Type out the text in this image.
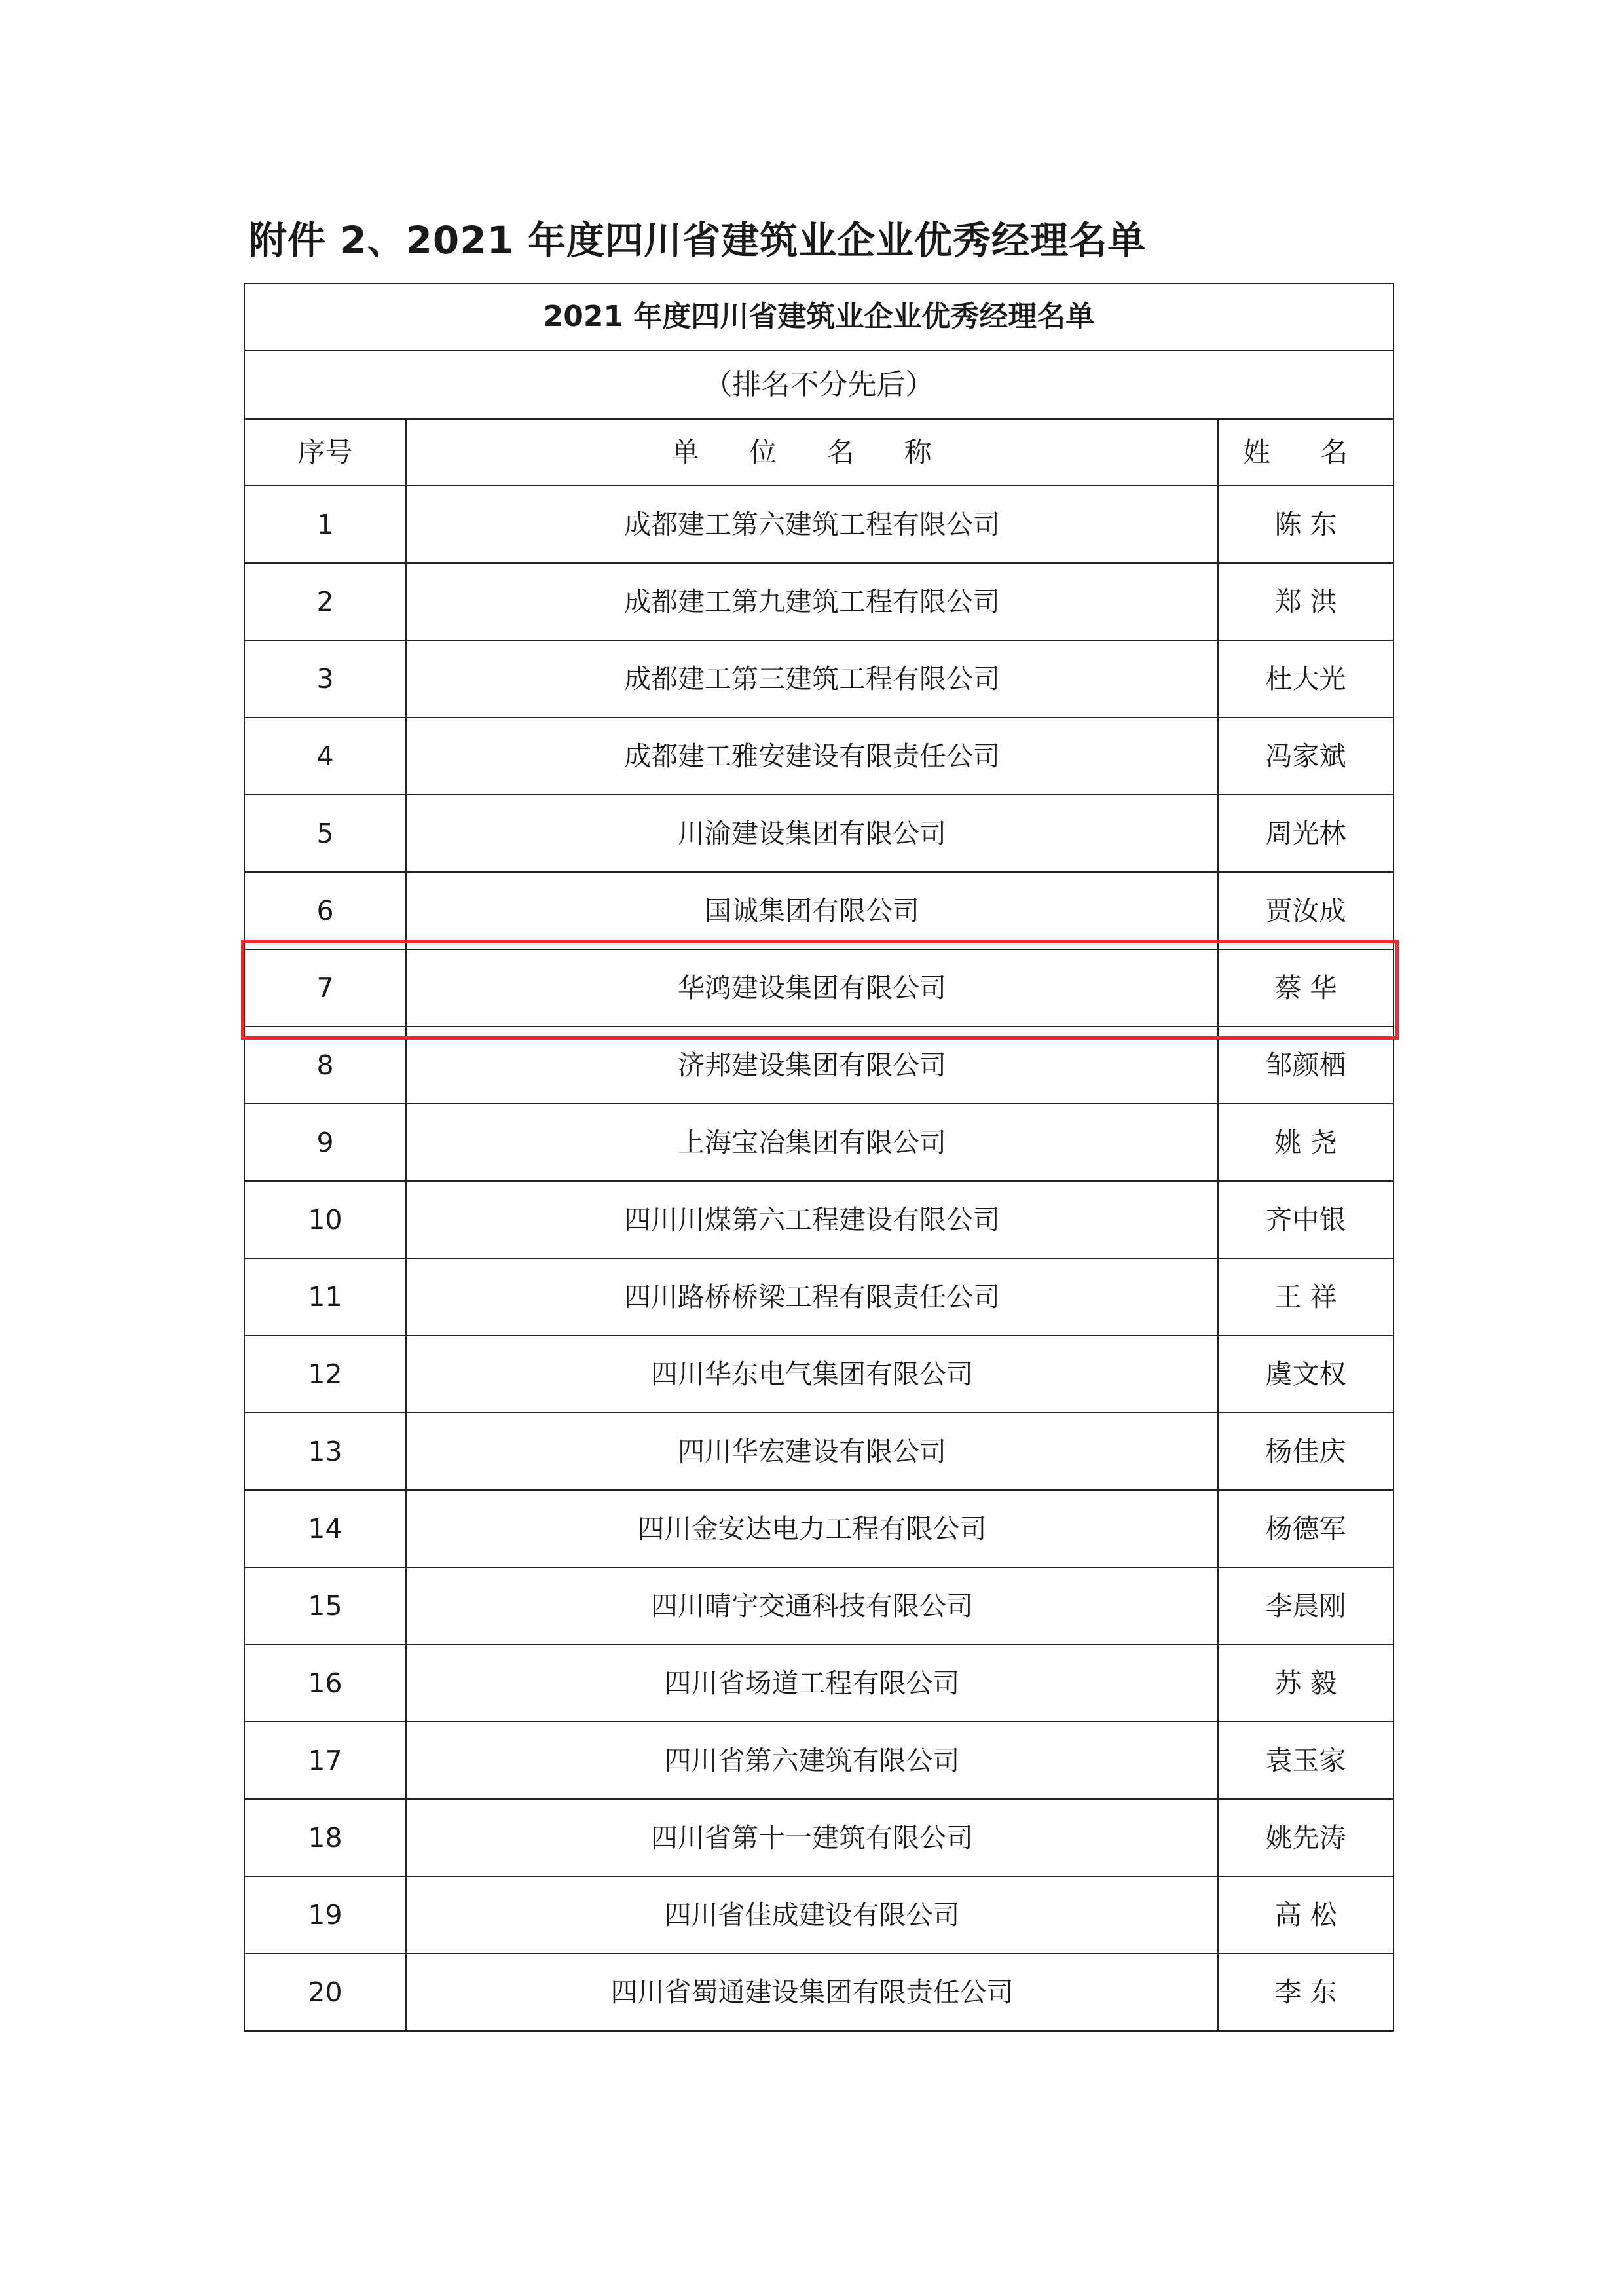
附件 2、2021 年度四川省建筑业企业优秀经理名单
2021 年度四川省建筑业企业优秀经理名单		
（排名不分先后）		
序号	单 位 名 称	姓 名
1	成都建工第六建筑工程有限公司	陈 东
2	成都建工第九建筑工程有限公司	郑 洪
3	成都建工第三建筑工程有限公司	杜大光
4	成都建工雅安建设有限责任公司	冯家斌
5	川渝建设集团有限公司	周光林
6	国诚集团有限公司	贾汝成
7	华鸿建设集团有限公司	蔡 华
8	济邦建设集团有限公司	邹颜栖
9	上海宝冶集团有限公司	姚 尧
10	四川川煤第六工程建设有限公司	齐中银
11	四川路桥桥梁工程有限责任公司	王 祥
12	四川华东电气集团有限公司	虞文权
13	四川华宏建设有限公司	杨佳庆
14	四川金安达电力工程有限公司	杨德军
15	四川晴宇交通科技有限公司	李晨刚
16	四川省场道工程有限公司	苏 毅
17	四川省第六建筑有限公司	袁玉家
18	四川省第十一建筑有限公司	姚先涛
19	四川省佳成建设有限公司	高 松
20	四川省蜀通建设集团有限责任公司	李 东
